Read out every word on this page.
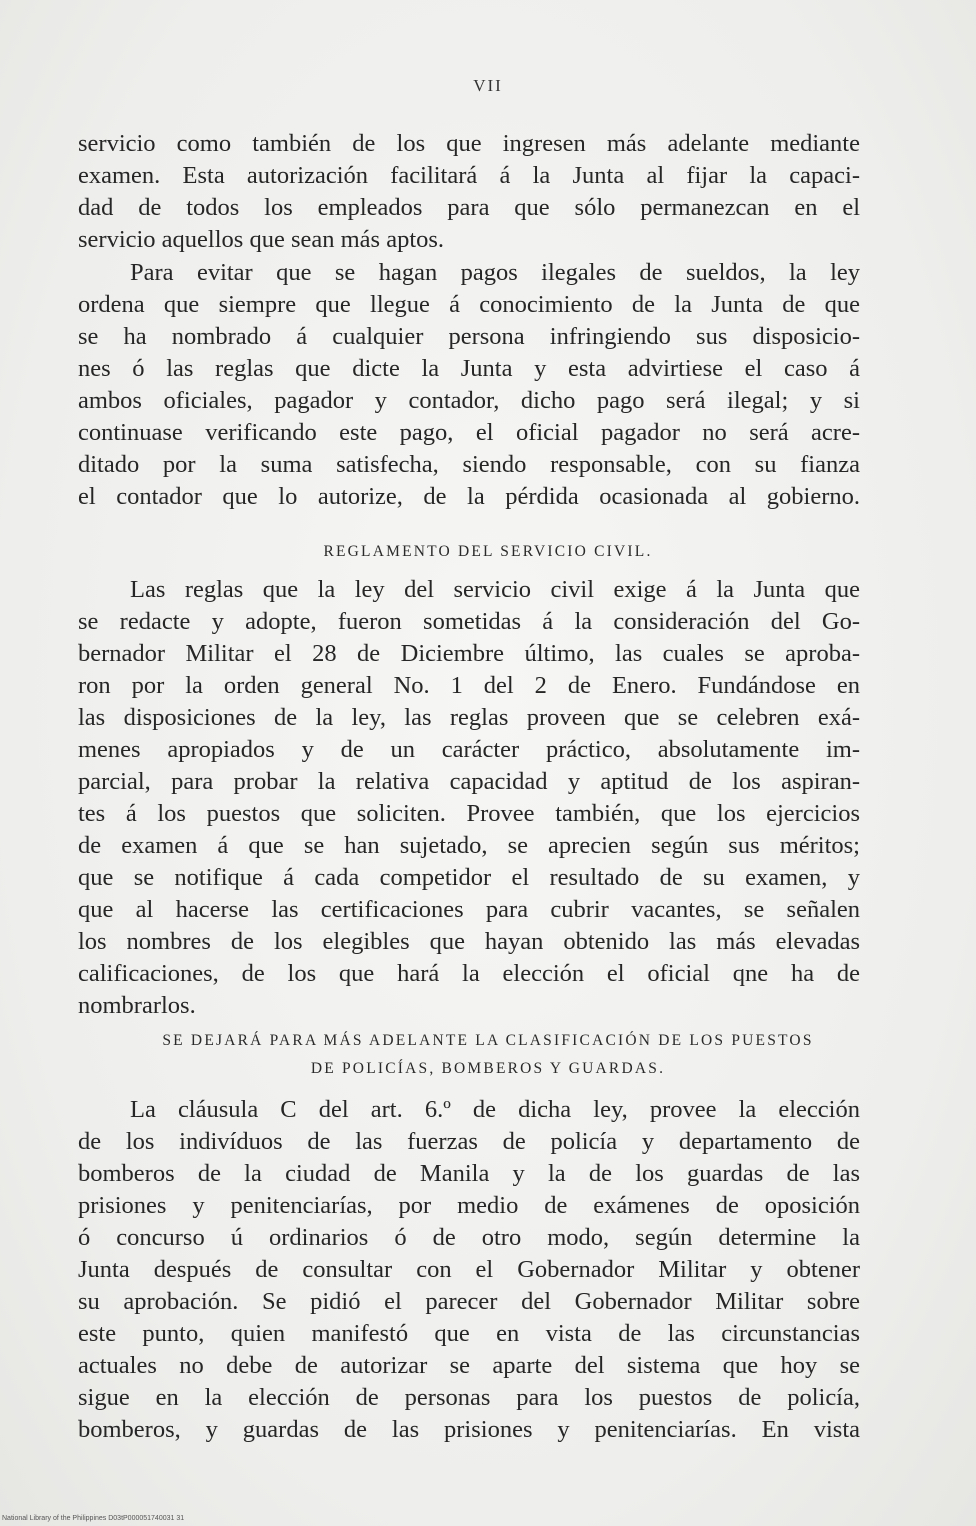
VII
servicio como también de los que ingresen más adelante mediante
examen. Esta autorización facilitará á la Junta al fijar la capaci-
dad de todos los empleados para que sólo permanezcan en el
servicio aquellos que sean más aptos.
Para evitar que se hagan pagos ilegales de sueldos, la ley
ordena que siempre que llegue á conocimiento de la Junta de que
se ha nombrado á cualquier persona infringiendo sus disposicio-
nes ó las reglas que dicte la Junta y esta advirtiese el caso á
ambos oficiales, pagador y contador, dicho pago será ilegal; y si
continuase verificando este pago, el oficial pagador no será acre-
ditado por la suma satisfecha, siendo responsable, con su fianza
el contador que lo autorize, de la pérdida ocasionada al gobierno.
REGLAMENTO DEL SERVICIO CIVIL.
Las reglas que la ley del servicio civil exige á la Junta que
se redacte y adopte, fueron sometidas á la consideración del Go-
bernador Militar el 28 de Diciembre último, las cuales se aproba-
ron por la orden general No. 1 del 2 de Enero. Fundándose en
las disposiciones de la ley, las reglas proveen que se celebren exá-
menes apropiados y de un carácter práctico, absolutamente im-
parcial, para probar la relativa capacidad y aptitud de los aspiran-
tes á los puestos que soliciten. Provee también, que los ejercicios
de examen á que se han sujetado, se aprecien según sus méritos;
que se notifique á cada competidor el resultado de su examen, y
que al hacerse las certificaciones para cubrir vacantes, se señalen
los nombres de los elegibles que hayan obtenido las más elevadas
calificaciones, de los que hará la elección el oficial qne ha de
nombrarlos.
SE DEJARÁ PARA MÁS ADELANTE LA CLASIFICACIÓN DE LOS PUESTOS
DE POLICÍAS, BOMBEROS Y GUARDAS.
La cláusula C del art. 6.º de dicha ley, provee la elección
de los indivíduos de las fuerzas de policía y departamento de
bomberos de la ciudad de Manila y la de los guardas de las
prisiones y penitenciarías, por medio de exámenes de oposición
ó concurso ú ordinarios ó de otro modo, según determine la
Junta después de consultar con el Gobernador Militar y obtener
su aprobación. Se pidió el parecer del Gobernador Militar sobre
este punto, quien manifestó que en vista de las circunstancias
actuales no debe de autorizar se aparte del sistema que hoy se
sigue en la elección de personas para los puestos de policía,
bomberos, y guardas de las prisiones y penitenciarías. En vista
National Library of the Philippines D03tP000051740031 31
